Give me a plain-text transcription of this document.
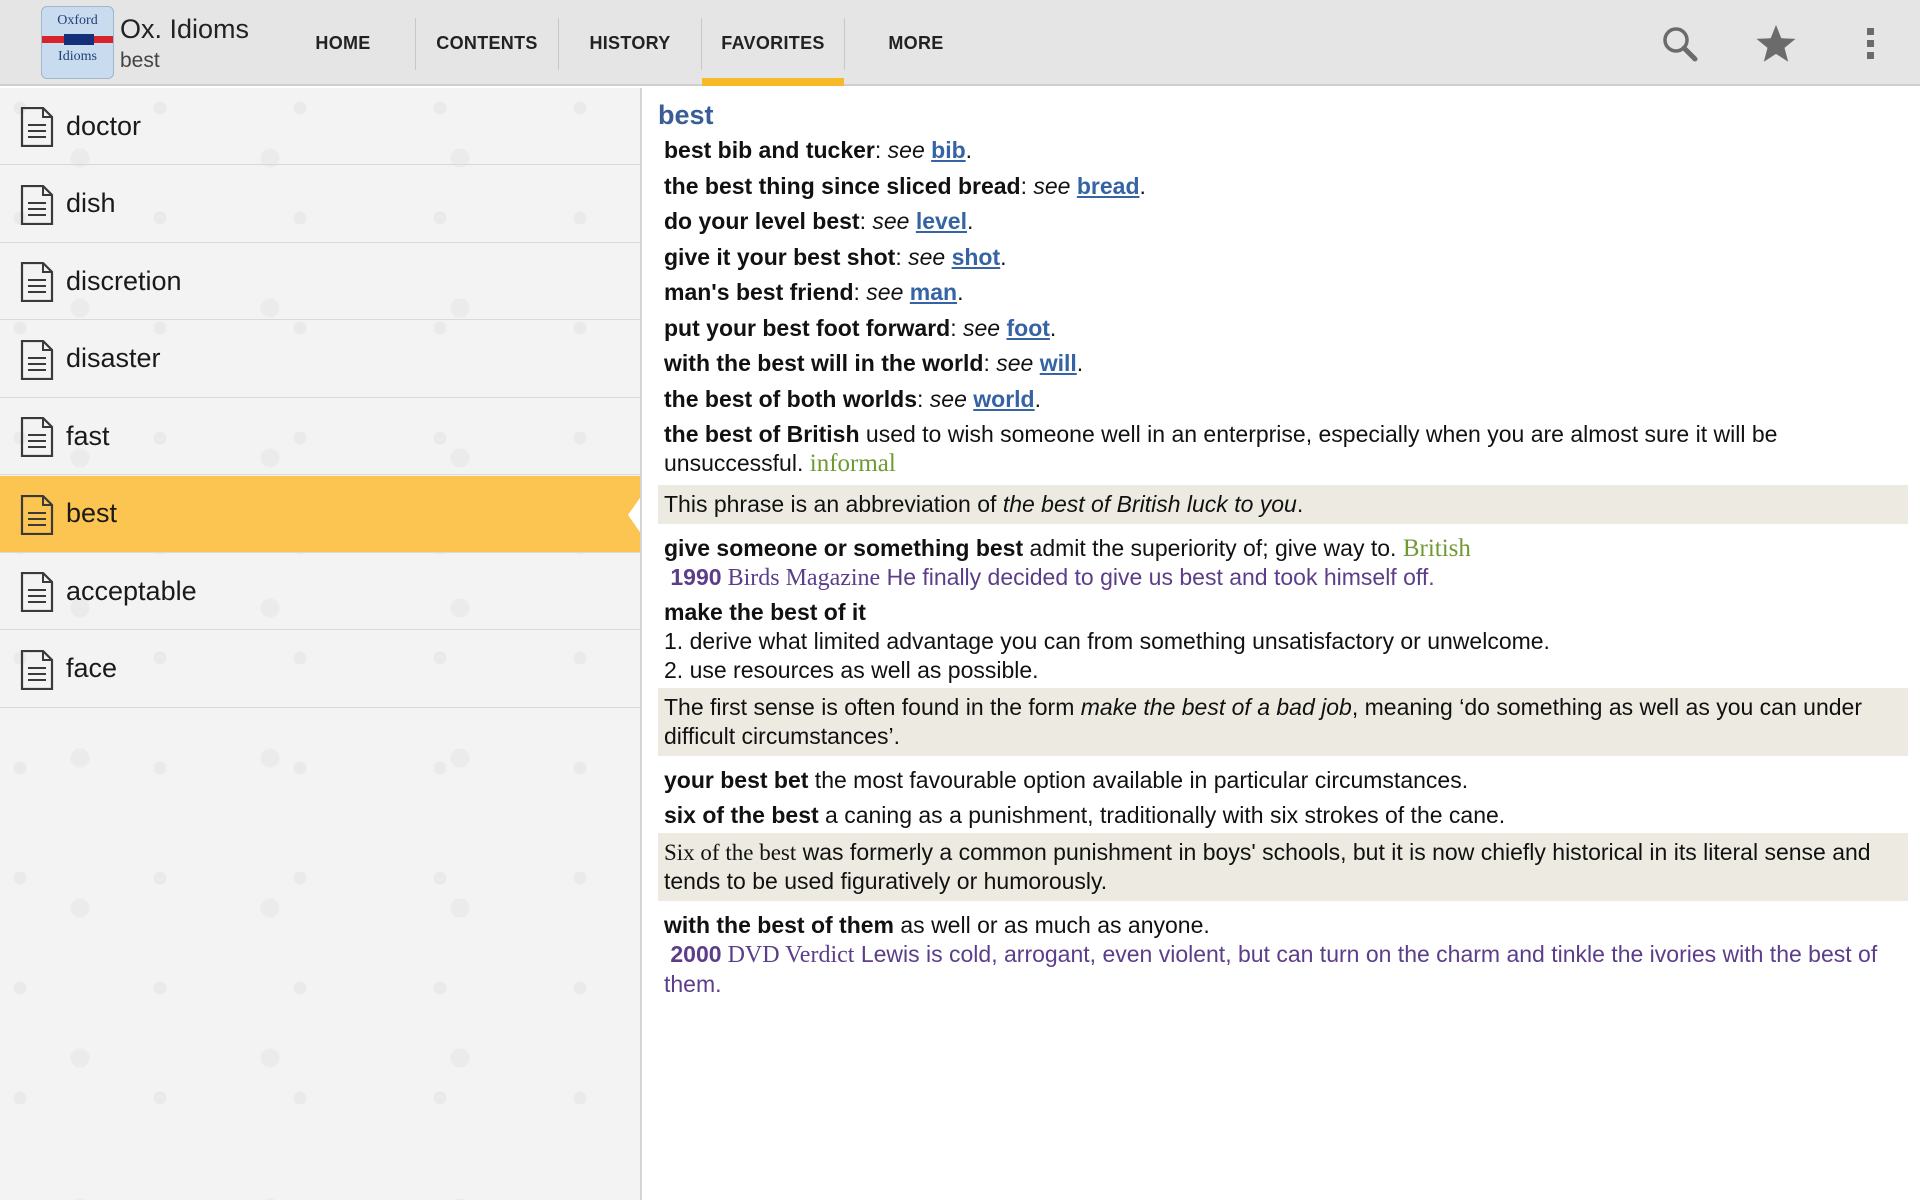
Oxford
Idioms
Ox. Idioms
best
HOME	CONTENTS	HISTORY	FAVORITES	MORE
doctor
dish
discretion
disaster
fast
best
acceptable
face
best
best bib and tucker: see bib.
the best thing since sliced bread: see bread.
do your level best: see level.
give it your best shot: see shot.
man's best friend: see man.
put your best foot forward: see foot.
with the best will in the world: see will.
the best of both worlds: see world.
the best of British used to wish someone well in an enterprise, especially when you are almost sure it will be unsuccessful. informal
This phrase is an abbreviation of the best of British luck to you.
give someone or something best admit the superiority of; give way to. British
1990 Birds Magazine He finally decided to give us best and took himself off.
make the best of it
1. derive what limited advantage you can from something unsatisfactory or unwelcome.
2. use resources as well as possible.
The first sense is often found in the form make the best of a bad job, meaning ‘do something as well as you can under difficult circumstances’.
your best bet the most favourable option available in particular circumstances.
six of the best a caning as a punishment, traditionally with six strokes of the cane.
Six of the best was formerly a common punishment in boys' schools, but it is now chiefly historical in its literal sense and tends to be used figuratively or humorously.
with the best of them as well or as much as anyone.
2000 DVD Verdict Lewis is cold, arrogant, even violent, but can turn on the charm and tinkle the ivories with the best of them.
